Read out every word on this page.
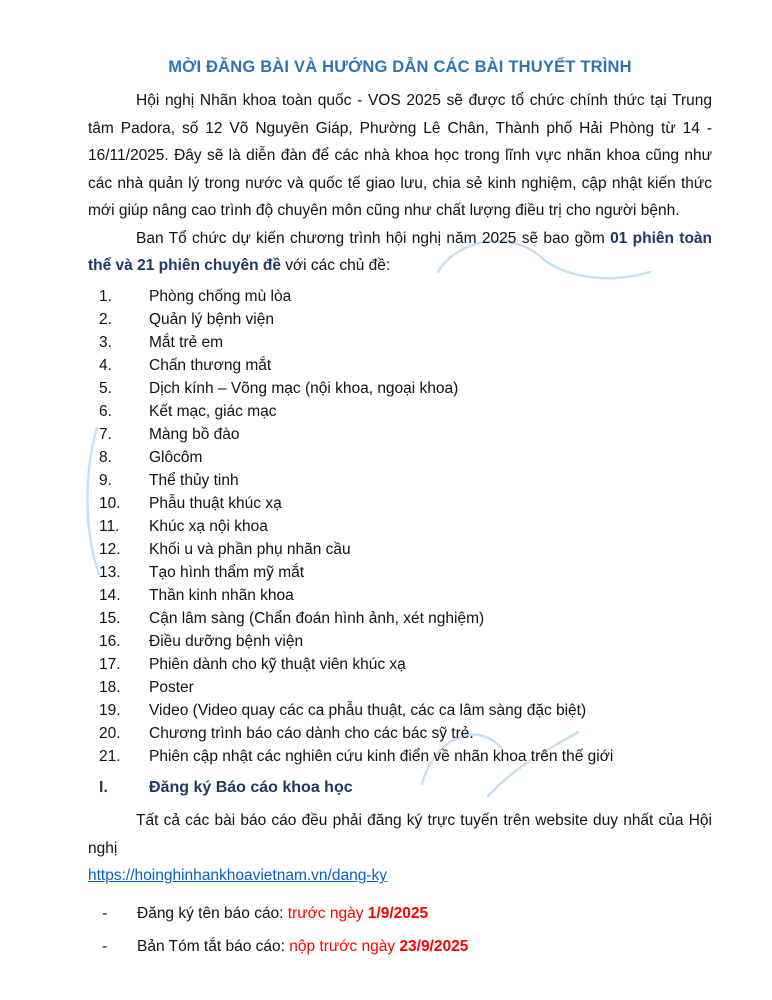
MỜI ĐĂNG BÀI VÀ HƯỚNG DẪN CÁC BÀI THUYẾT TRÌNH

Hội nghị Nhãn khoa toàn quốc - VOS 2025 sẽ được tổ chức chính thức tại Trung tâm Padora, số 12 Võ Nguyên Giáp, Phường Lê Chân, Thành phố Hải Phòng từ 14 - 16/11/2025. Đây sẽ là diễn đàn để các nhà khoa học trong lĩnh vực nhãn khoa cũng như các nhà quản lý trong nước và quốc tế giao lưu, chia sẻ kinh nghiệm, cập nhật kiến thức mới giúp nâng cao trình độ chuyên môn cũng như chất lượng điều trị cho người bệnh.

Ban Tổ chức dự kiến chương trình hội nghị năm 2025 sẽ bao gồm 01 phiên toàn thể và 21 phiên chuyên đề với các chủ đề:

1.	Phòng chống mù lòa
2.	Quản lý bệnh viện
3.	Mắt trẻ em
4.	Chấn thương mắt
5.	Dịch kính – Võng mạc (nội khoa, ngoại khoa)
6.	Kết mạc, giác mạc
7.	Màng bồ đào
8.	Glôcôm
9.	Thể thủy tinh
10.	Phẫu thuật khúc xạ
11.	Khúc xạ nội khoa
12.	Khối u và phần phụ nhãn cầu
13.	Tạo hình thẩm mỹ mắt
14.	Thần kinh nhãn khoa
15.	Cận lâm sàng (Chẩn đoán hình ảnh, xét nghiệm)
16.	Điều dưỡng bệnh viện
17.	Phiên dành cho kỹ thuật viên khúc xạ
18.	Poster
19.	Video (Video quay các ca phẫu thuật, các ca lâm sàng đặc biệt)
20.	Chương trình báo cáo dành cho các bác sỹ trẻ.
21.	Phiên cập nhật các nghiên cứu kinh điển về nhãn khoa trên thế giới
I.	Đăng ký Báo cáo khoa học

Tất cả các bài báo cáo đều phải đăng ký trực tuyến trên website duy nhất của Hội nghị

https://hoinghinhankhoavietnam.vn/dang-ky

-	Đăng ký tên báo cáo: trước ngày 1/9/2025
-	Bản Tóm tắt báo cáo: nộp trước ngày 23/9/2025
